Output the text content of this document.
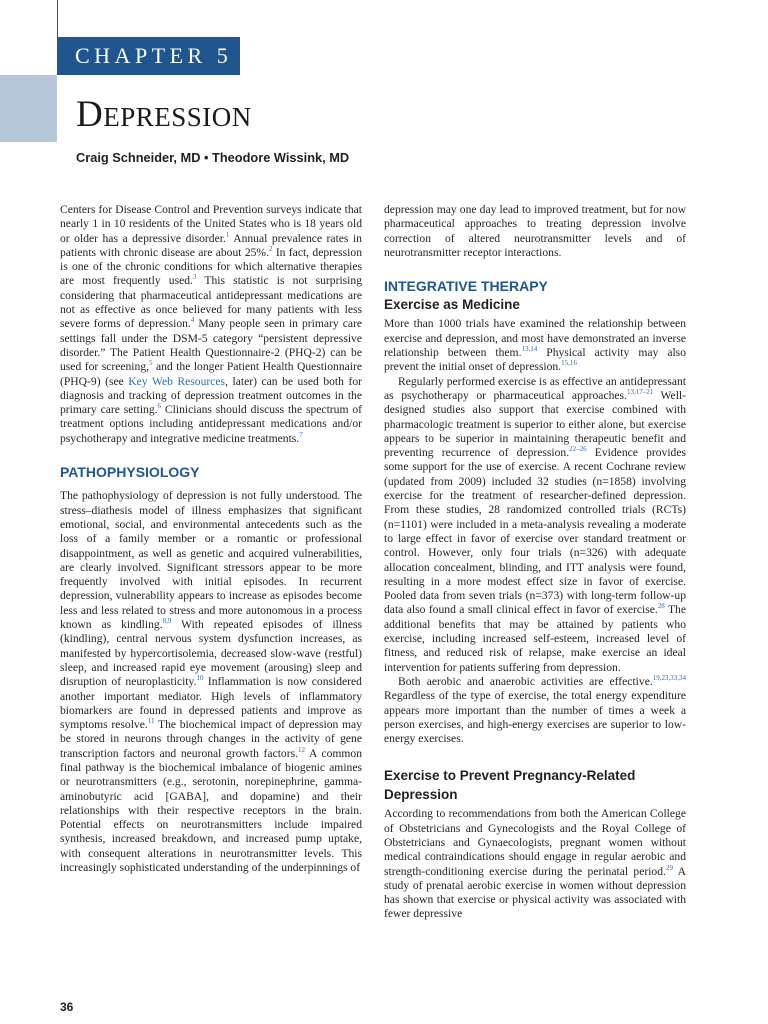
CHAPTER 5
DEPRESSION
Craig Schneider, MD • Theodore Wissink, MD

Centers for Disease Control and Prevention surveys indicate that nearly 1 in 10 residents of the United States who is 18 years old or older has a depressive disorder.$^1$ Annual prevalence rates in patients with chronic disease are about 25%.$^2$ In fact, depression is one of the chronic conditions for which alternative therapies are most frequently used.$^3$ This statistic is not surprising considering that pharmaceutical antidepressant medications are not as effective as once believed for many patients with less severe forms of depression.$^4$ Many people seen in primary care settings fall under the DSM-5 category “persistent depressive disorder.” The Patient Health Questionnaire-2 (PHQ-2) can be used for screening,$^5$ and the longer Patient Health Questionnaire (PHQ-9) (see Key Web Resources, later) can be used both for diagnosis and tracking of depression treatment outcomes in the primary care setting.$^6$ Clinicians should discuss the spectrum of treatment options including antidepressant medications and/or psychotherapy and integrative medicine treatments.$^7$

PATHOPHYSIOLOGY

The pathophysiology of depression is not fully understood. The stress–diathesis model of illness emphasizes that significant emotional, social, and environmental antecedents such as the loss of a family member or a romantic or professional disappointment, as well as genetic and acquired vulnerabilities, are clearly involved. Significant stressors appear to be more frequently involved with initial episodes. In recurrent depression, vulnerability appears to increase as episodes become less and less related to stress and more autonomous in a process known as kindling.$^{8,9}$ With repeated episodes of illness (kindling), central nervous system dysfunction increases, as manifested by hypercortisolemia, decreased slow-wave (restful) sleep, and increased rapid eye movement (arousing) sleep and disruption of neuroplasticity.$^{10}$ Inflammation is now considered another important mediator. High levels of inflammatory biomarkers are found in depressed patients and improve as symptoms resolve.$^{11}$ The biochemical impact of depression may be stored in neurons through changes in the activity of gene transcription factors and neuronal growth factors.$^{12}$ A common final pathway is the biochemical imbalance of biogenic amines or neurotransmitters (e.g., serotonin, norepinephrine, gamma-aminobutyric acid [GABA], and dopamine) and their relationships with their respective receptors in the brain. Potential effects on neurotransmitters include impaired synthesis, increased breakdown, and increased pump uptake, with consequent alterations in neurotransmitter levels. This increasingly sophisticated understanding of the underpinnings of

depression may one day lead to improved treatment, but for now pharmaceutical approaches to treating depression involve correction of altered neurotransmitter levels and of neurotransmitter receptor interactions.

INTEGRATIVE THERAPY
Exercise as Medicine

More than 1000 trials have examined the relationship between exercise and depression, and most have demonstrated an inverse relationship between them.$^{13,14}$ Physical activity may also prevent the initial onset of depression.$^{15,16}$

Regularly performed exercise is as effective an antidepressant as psychotherapy or pharmaceutical approaches.$^{13,17-21}$ Well-designed studies also support that exercise combined with pharmacologic treatment is superior to either alone, but exercise appears to be superior in maintaining therapeutic benefit and preventing recurrence of depression.$^{22-26}$ Evidence provides some support for the use of exercise. A recent Cochrane review (updated from 2009) included 32 studies (n=1858) involving exercise for the treatment of researcher-defined depression. From these studies, 28 randomized controlled trials (RCTs) (n=1101) were included in a meta-analysis revealing a moderate to large effect in favor of exercise over standard treatment or control. However, only four trials (n=326) with adequate allocation concealment, blinding, and ITT analysis were found, resulting in a more modest effect size in favor of exercise. Pooled data from seven trials (n=373) with long-term follow-up data also found a small clinical effect in favor of exercise.$^{28}$ The additional benefits that may be attained by patients who exercise, including increased self-esteem, increased level of fitness, and reduced risk of relapse, make exercise an ideal intervention for patients suffering from depression.

Both aerobic and anaerobic activities are effective.$^{19,23,33,34}$ Regardless of the type of exercise, the total energy expenditure appears more important than the number of times a week a person exercises, and high-energy exercises are superior to low-energy exercises.

Exercise to Prevent Pregnancy-Related Depression

According to recommendations from both the American College of Obstetricians and Gynecologists and the Royal College of Obstetricians and Gynaecologists, pregnant women without medical contraindications should engage in regular aerobic and strength-conditioning exercise during the perinatal period.$^{29}$ A study of prenatal aerobic exercise in women without depression has shown that exercise or physical activity was associated with fewer depressive

36
